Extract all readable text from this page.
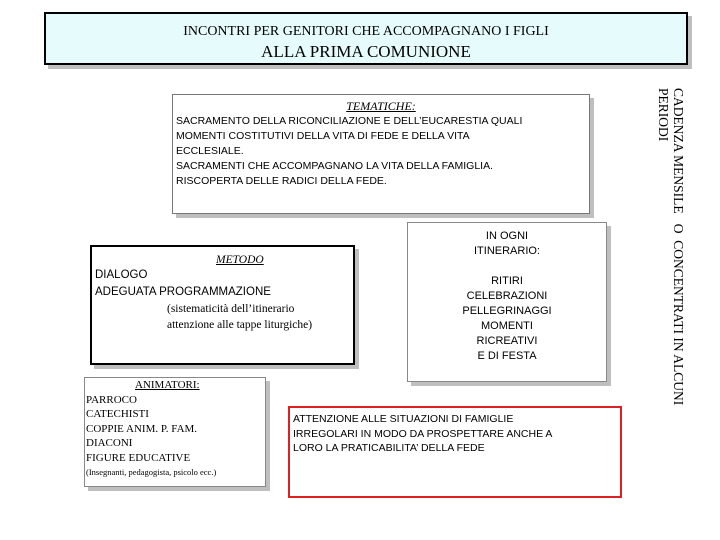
INCONTRI PER GENITORI CHE ACCOMPAGNANO I FIGLI
ALLA PRIMA COMUNIONE
TEMATICHE:
SACRAMENTO DELLA RICONCILIAZIONE E DELL’EUCARESTIA QUALI
MOMENTI COSTITUTIVI DELLA VITA DI FEDE E DELLA VITA
ECCLESIALE.
SACRAMENTI CHE ACCOMPAGNANO LA VITA DELLA FAMIGLIA.
RISCOPERTA DELLE RADICI DELLA FEDE.
METODO
DIALOGO
ADEGUATA PROGRAMMAZIONE
(sistematicità dell’itinerario
attenzione alle tappe liturgiche)
IN OGNI
ITINERARIO:
RITIRI
CELEBRAZIONI
PELLEGRINAGGI
MOMENTI
RICREATIVI
E DI FESTA
ANIMATORI:
PARROCO
CATECHISTI
COPPIE ANIM. P. FAM.
DIACONI
FIGURE EDUCATIVE
(Insegnanti, pedagogista, psicolo ecc.)
ATTENZIONE ALLE SITUAZIONI DI FAMIGLIE
IRREGOLARI IN MODO DA PROSPETTARE ANCHE A
LORO LA PRATICABILITA’ DELLA FEDE
CADENZA MENSILE   O  CONCENTRATI IN ALCUNI
PERIODI
